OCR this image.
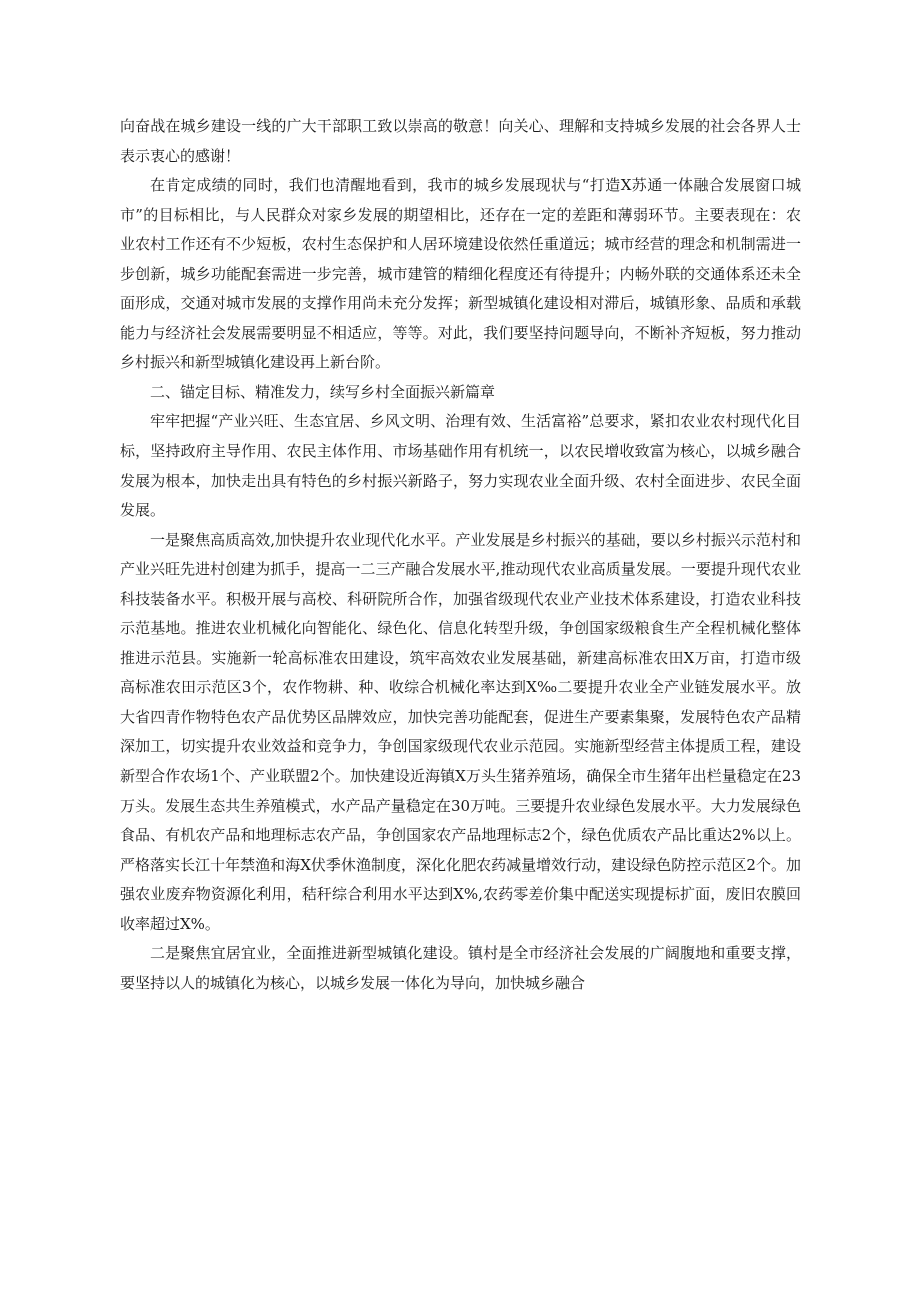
向奋战在城乡建设一线的广大干部职工致以崇高的敬意！向关心、理解和支持城乡发展的社会各界人士表示衷心的感谢！

在肯定成绩的同时，我们也清醒地看到，我市的城乡发展现状与“打造X苏通一体融合发展窗口城市”的目标相比，与人民群众对家乡发展的期望相比，还存在一定的差距和薄弱环节。主要表现在：农业农村工作还有不少短板，农村生态保护和人居环境建设依然任重道远；城市经营的理念和机制需进一步创新，城乡功能配套需进一步完善，城市建管的精细化程度还有待提升；内畅外联的交通体系还未全面形成，交通对城市发展的支撑作用尚未充分发挥；新型城镇化建设相对滞后，城镇形象、品质和承载能力与经济社会发展需要明显不相适应，等等。对此，我们要坚持问题导向，不断补齐短板，努力推动乡村振兴和新型城镇化建设再上新台阶。

二、锚定目标、精准发力，续写乡村全面振兴新篇章

牢牢把握“产业兴旺、生态宜居、乡风文明、治理有效、生活富裕”总要求，紧扣农业农村现代化目标，坚持政府主导作用、农民主体作用、市场基础作用有机统一，以农民增收致富为核心，以城乡融合发展为根本，加快走出具有特色的乡村振兴新路子，努力实现农业全面升级、农村全面进步、农民全面发展。

一是聚焦高质高效,加快提升农业现代化水平。产业发展是乡村振兴的基础，要以乡村振兴示范村和产业兴旺先进村创建为抓手，提高一二三产融合发展水平,推动现代农业高质量发展。一要提升现代农业科技装备水平。积极开展与高校、科研院所合作，加强省级现代农业产业技术体系建设，打造农业科技示范基地。推进农业机械化向智能化、绿色化、信息化转型升级，争创国家级粮食生产全程机械化整体推进示范县。实施新一轮高标准农田建设，筑牢高效农业发展基础，新建高标准农田X万亩，打造市级高标准农田示范区3个，农作物耕、种、收综合机械化率达到X‰二要提升农业全产业链发展水平。放大省四青作物特色农产品优势区品牌效应，加快完善功能配套，促进生产要素集聚，发展特色农产品精深加工，切实提升农业效益和竞争力，争创国家级现代农业示范园。实施新型经营主体提质工程，建设新型合作农场1个、产业联盟2个。加快建设近海镇X万头生猪养殖场，确保全市生猪年出栏量稳定在23万头。发展生态共生养殖模式，水产品产量稳定在30万吨。三要提升农业绿色发展水平。大力发展绿色食品、有机农产品和地理标志农产品，争创国家农产品地理标志2个，绿色优质农产品比重达2%以上。严格落实长江十年禁渔和海X伏季休渔制度，深化化肥农药减量增效行动，建设绿色防控示范区2个。加强农业废弃物资源化利用，秸秆综合利用水平达到X%,农药零差价集中配送实现提标扩面，废旧农膜回收率超过X%。

二是聚焦宜居宜业，全面推进新型城镇化建设。镇村是全市经济社会发展的广阔腹地和重要支撑，要坚持以人的城镇化为核心，以城乡发展一体化为导向，加快城乡融合
